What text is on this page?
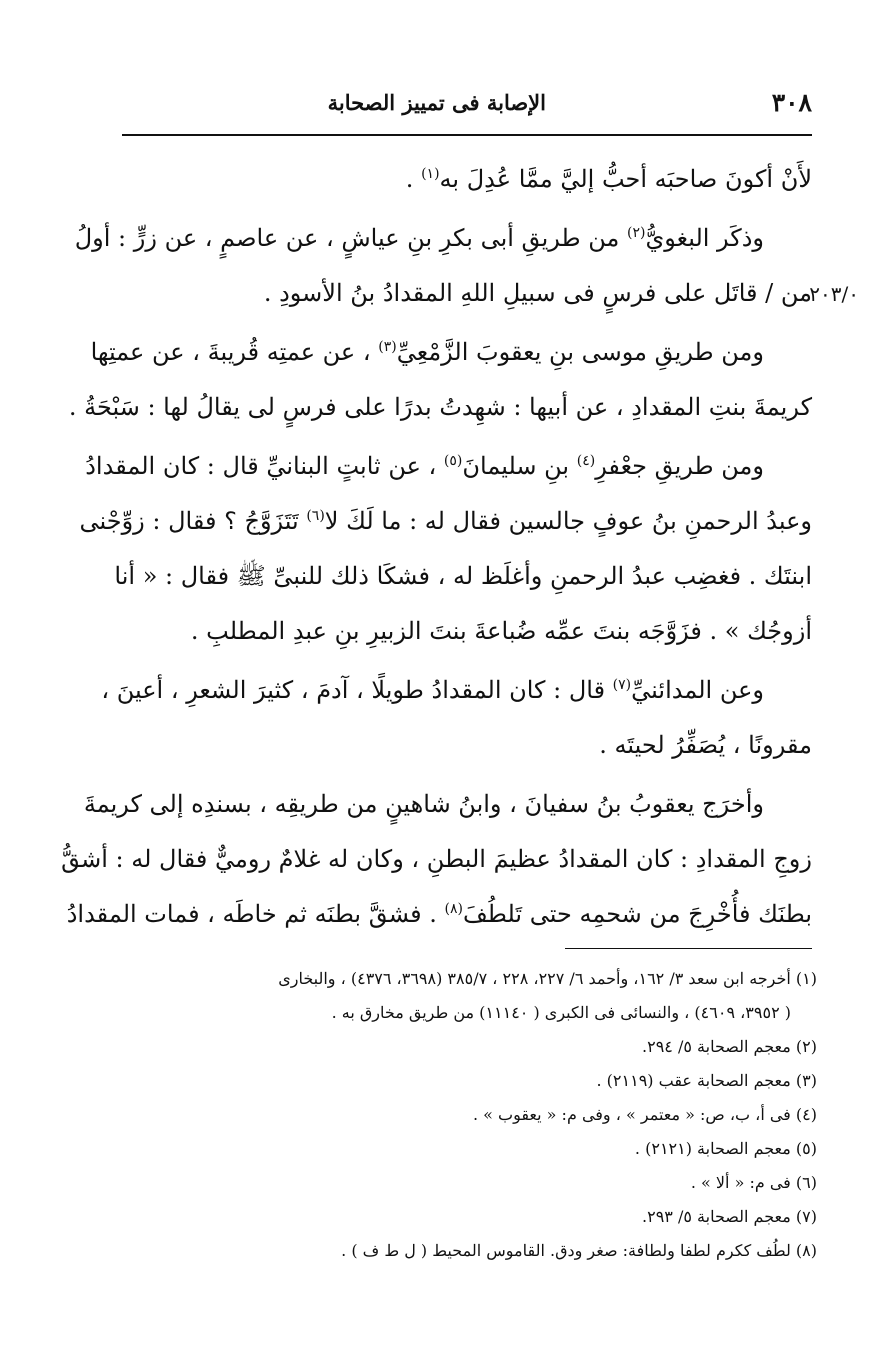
٣٠٨
الإصابة فى تمييز الصحابة
٢٠٣/٠
لأَنْ أكونَ صاحبَه أحبُّ إليَّ ممَّا عُدِلَ به$^{(١)}$ .
وذكَر البغويُّ$^{(٢)}$ من طريقِ أبى بكرِ بنِ عياشٍ ، عن عاصمٍ ، عن زرٍّ : أولُ
من / قاتَل على فرسٍ فى سبيلِ اللهِ المقدادُ بنُ الأسودِ .
ومن طريقِ موسى بنِ يعقوبَ الزَّمْعِيِّ$^{(٣)}$ ، عن عمتِه قُريبةَ ، عن عمتِها
كريمةَ بنتِ المقدادِ ، عن أبيها : شهِدتُ بدرًا على فرسٍ لى يقالُ لها : سَبْحَةُ .
ومن طريقِ جعْفرِ$^{(٤)}$ بنِ سليمانَ$^{(٥)}$ ، عن ثابتٍ البنانيِّ قال : كان المقدادُ
وعبدُ الرحمنِ بنُ عوفٍ جالسين فقال له : ما لَكَ لا$^{(٦)}$ تَتَزَوَّجُ ؟ فقال : زوِّجْنى
ابنتَك . فغضِب عبدُ الرحمنِ وأغلَظ له ، فشكَا ذلك للنبىِّ ﷺ فقال : « أنا
أزوجُك » . فزَوَّجَه بنتَ عمِّه ضُباعةَ بنتَ الزبيرِ بنِ عبدِ المطلبِ .
وعن المدائنيِّ$^{(٧)}$ قال : كان المقدادُ طويلًا ، آدمَ ، كثيرَ الشعرِ ، أعينَ ،
مقرونًا ، يُصَفِّرُ لحيتَه .
وأخرَج يعقوبُ بنُ سفيانَ ، وابنُ شاهينٍ من طريقِه ، بسندِه إلى كريمةَ
زوجِ المقدادِ : كان المقدادُ عظيمَ البطنِ ، وكان له غلامٌ روميٌّ فقال له : أشقُّ
بطنَك فأُخْرِجَ من شحمِه حتى تَلطُفَ$^{(٨)}$ . فشقَّ بطنَه ثم خاطَه ، فمات المقدادُ
(١) أخرجه ابن سعد ٣/ ١٦٢، وأحمد ٦/ ٢٢٧، ٢٢٨ ، ٣٨٥/٧ (٣٦٩٨، ٤٣٧٦) ، والبخارى
( ٣٩٥٢، ٤٦٠٩) ، والنسائى فى الكبرى ( ١١١٤٠) من طريق مخارق به .
(٢) معجم الصحابة ٥/ ٢٩٤.
(٣) معجم الصحابة عقب (٢١١٩) .
(٤) فى أ، ب، ص: « معتمر » ، وفى م: « يعقوب » .
(٥) معجم الصحابة (٢١٢١) .
(٦) فى م: « ألا » .
(٧) معجم الصحابة ٥/ ٢٩٣.
(٨) لطُف ككرم لطفا ولطافة: صغر ودق. القاموس المحيط ( ل ط ف ) .
